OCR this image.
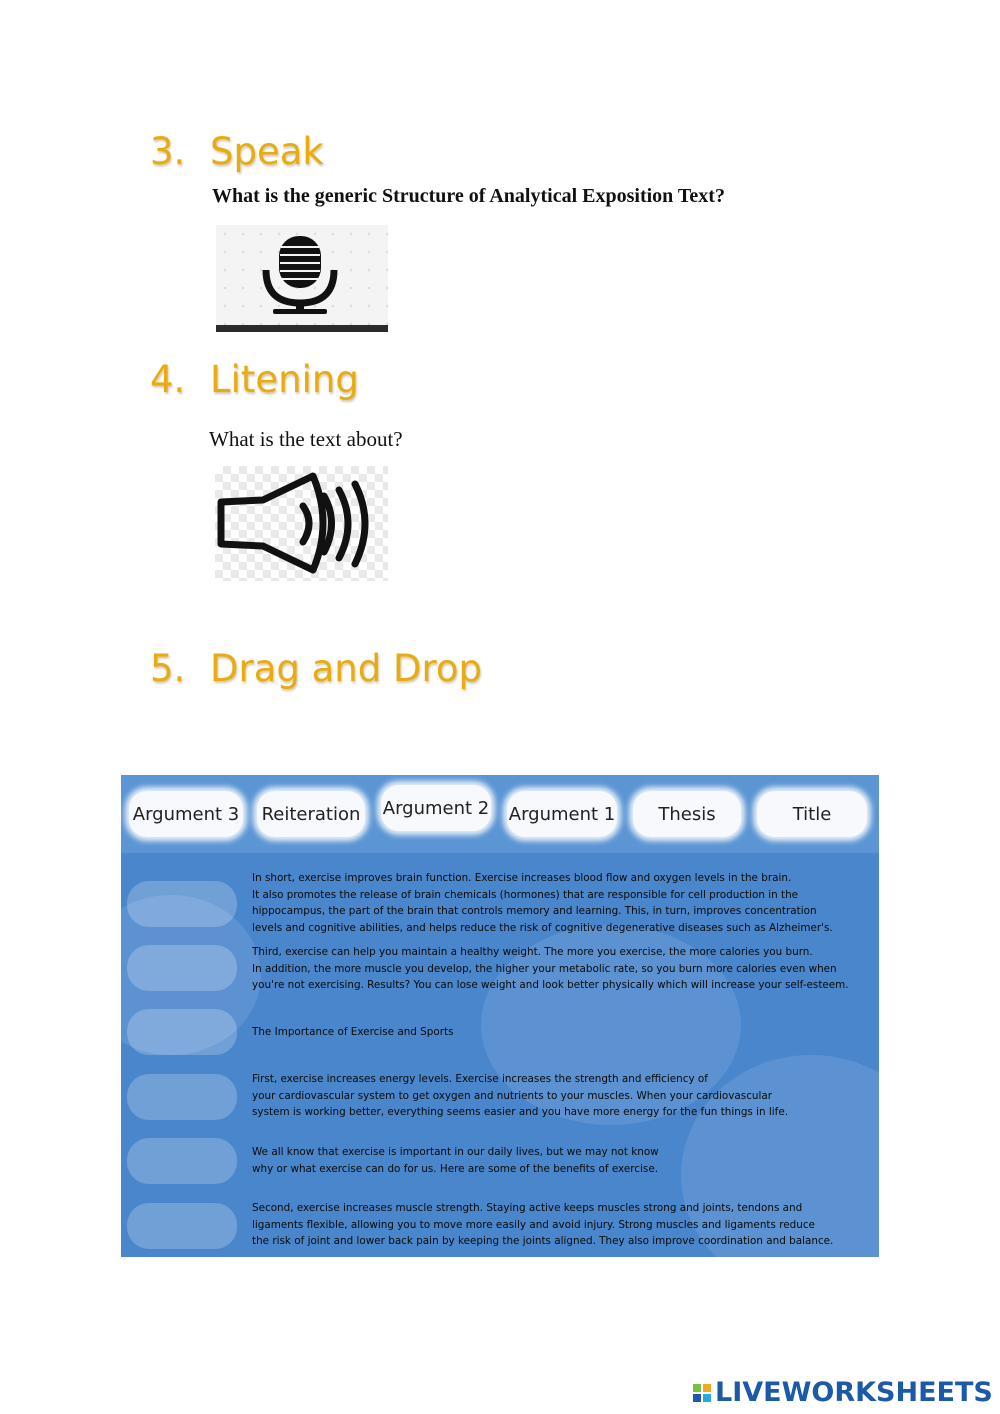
3. Speak
What is the generic Structure of Analytical Exposition Text?
4. Litening
What is the text about?
5. Drag and Drop
Argument 3 Reiteration Argument 2 Argument 1	Thesis	Title
In short, exercise improves brain function. Exercise increases blood flow and oxygen levels in the brain.
It also promotes the release of brain chemicals (hormones) that are responsible for cell production in the
hippocampus, the part of the brain that controls memory and learning. This, in turn, improves concentration
levels and cognitive abilities, and helps reduce the risk of cognitive degenerative diseases such as Alzheimer's.
Third, exercise can help you maintain a healthy weight. The more you exercise, the more calories you burn.
In addition, the more muscle you develop, the higher your metabolic rate, so you burn more calories even when
you're not exercising. Results? You can lose weight and look better physically which will increase your self-esteem.
The Importance of Exercise and Sports
First, exercise increases energy levels. Exercise increases the strength and efficiency of
your cardiovascular system to get oxygen and nutrients to your muscles. When your cardiovascular
system is working better, everything seems easier and you have more energy for the fun things in life.
We all know that exercise is important in our daily lives, but we may not know
why or what exercise can do for us. Here are some of the benefits of exercise.
Second, exercise increases muscle strength. Staying active keeps muscles strong and joints, tendons and
ligaments flexible, allowing you to move more easily and avoid injury. Strong muscles and ligaments reduce
the risk of joint and lower back pain by keeping the joints aligned. They also improve coordination and balance.
LIVEWORKSHEETS
